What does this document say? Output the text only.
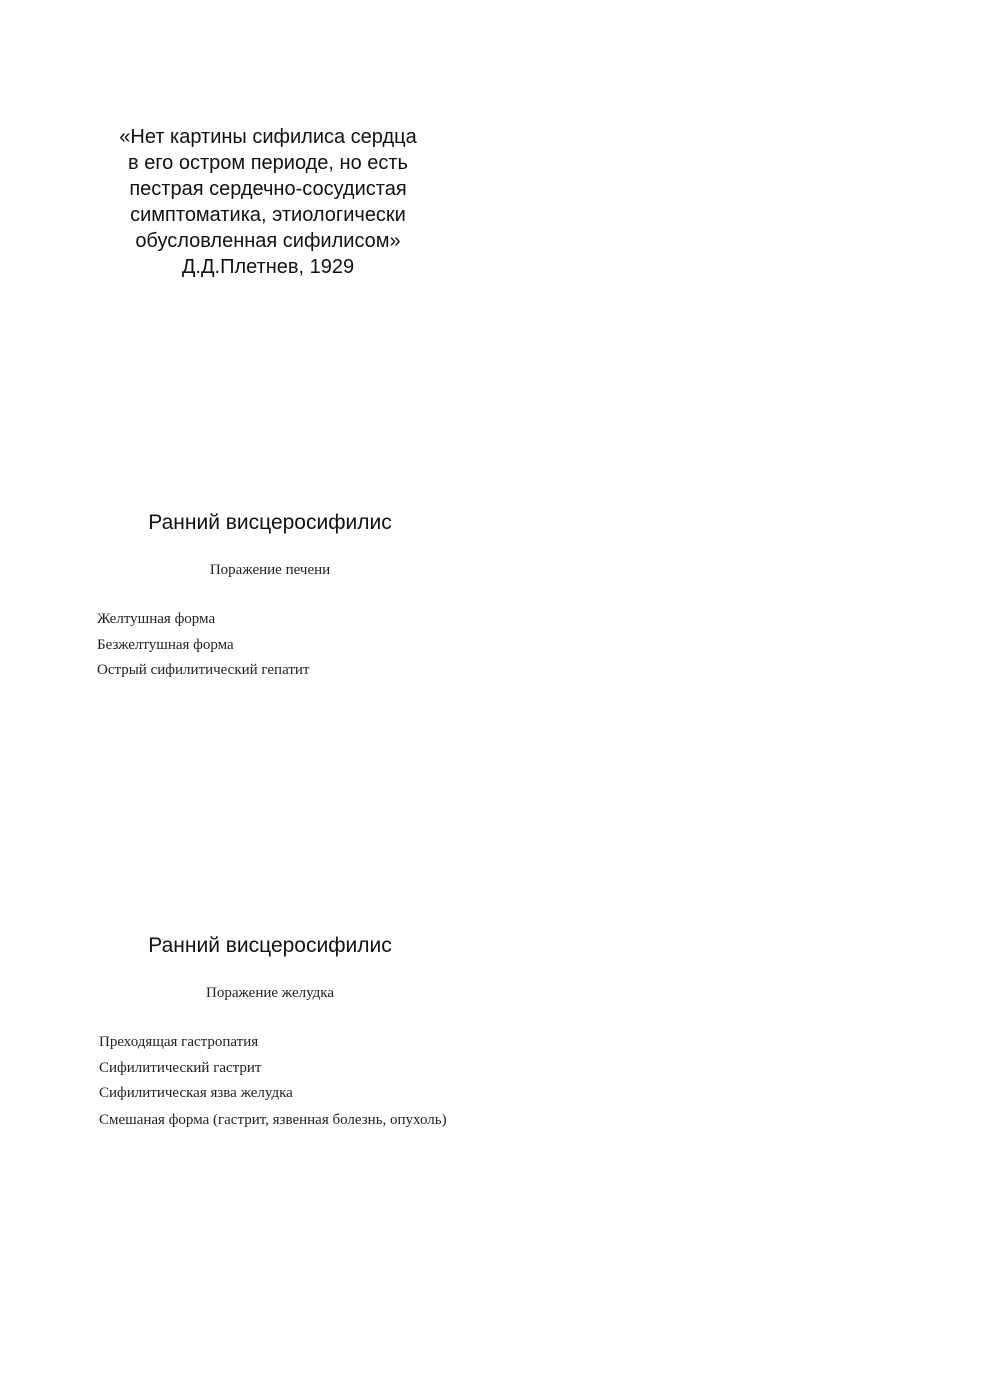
«Нет картины сифилиса сердца
в его остром периоде, но есть
пестрая сердечно-сосудистая
симптоматика, этиологически
обусловленная сифилисом»
Д.Д.Плетнев, 1929
Ранний висцеросифилис
Поражение печени
Желтушная форма
Безжелтушная форма
Острый сифилитический гепатит
Ранний висцеросифилис
Поражение желудка
Преходящая гастропатия
Сифилитический гастрит
Сифилитическая язва желудка
Смешаная форма (гастрит, язвенная болезнь, опухоль)
